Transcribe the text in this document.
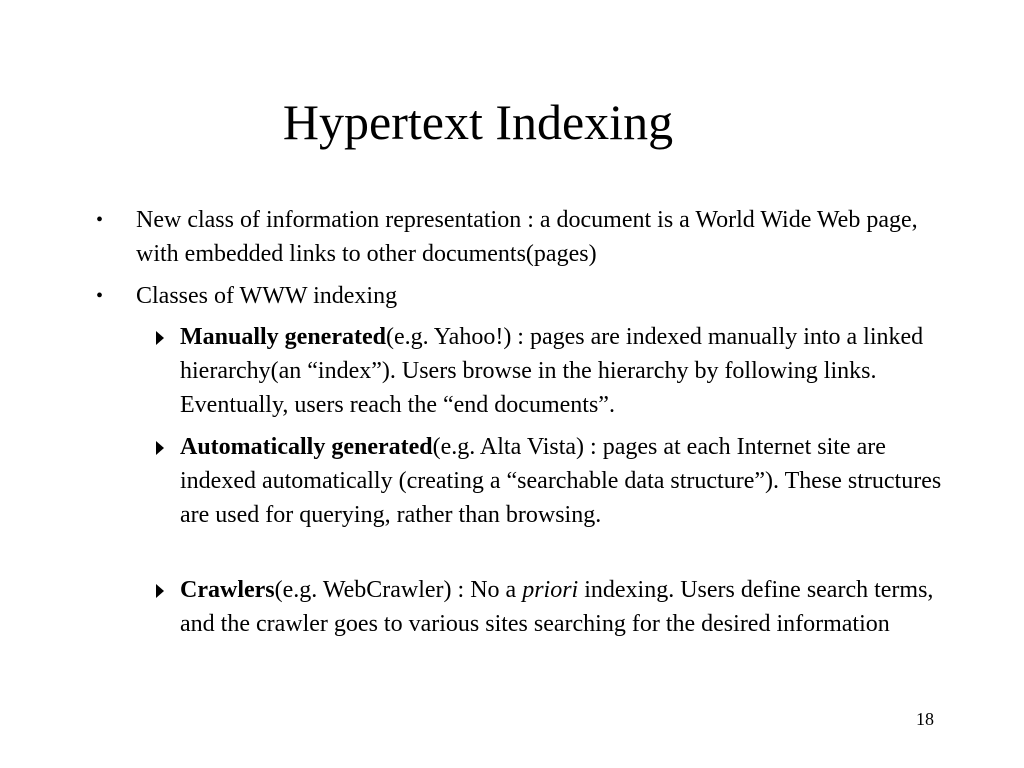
Hypertext Indexing
•	New class of information representation : a document is a World Wide Web page, with embedded links to other documents(pages)
•	Classes of WWW indexing
Manually generated(e.g. Yahoo!) : pages are indexed manually into a linked hierarchy(an “index”). Users browse in the hierarchy by following links. Eventually, users reach the “end documents”.
Automatically generated(e.g. Alta Vista) : pages at each Internet site are indexed automatically (creating a “searchable data structure”). These structures are used for querying, rather than browsing.
Crawlers(e.g. WebCrawler) : No a priori indexing. Users define search terms, and the crawler goes to various sites searching for the desired information
18
